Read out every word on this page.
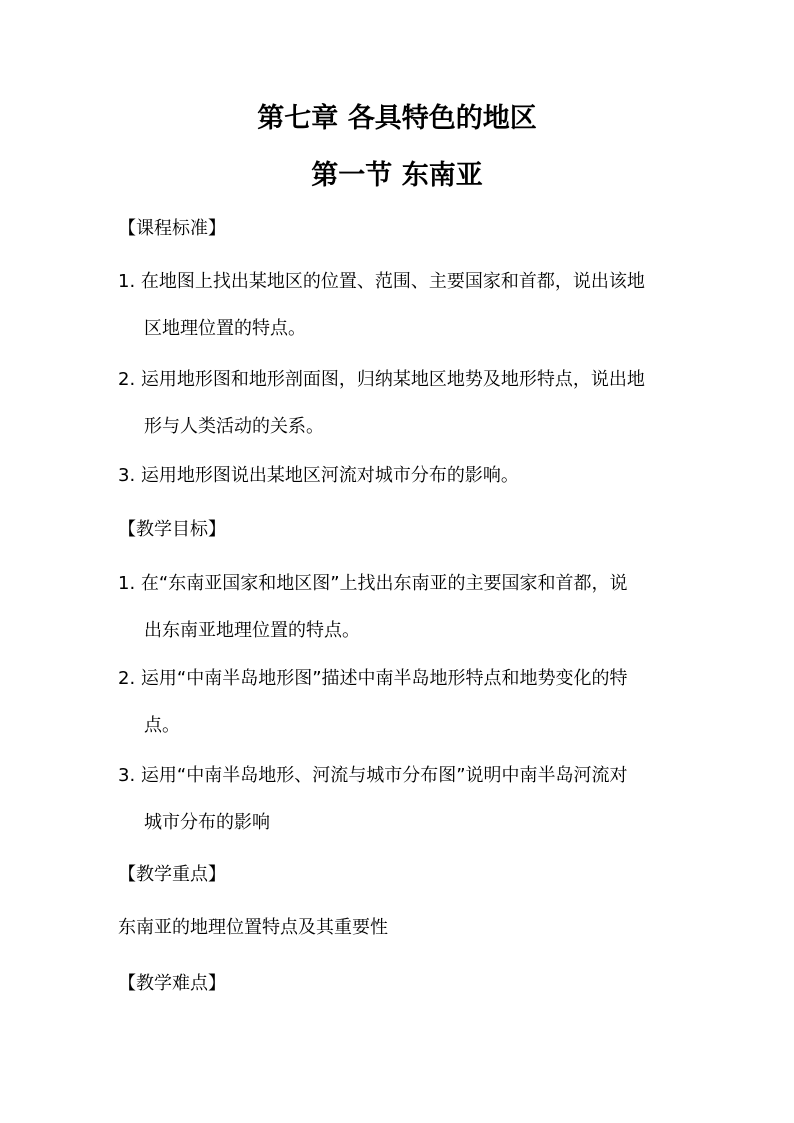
第七章 各具特色的地区
第一节 东南亚
【课程标准】
1. 在地图上找出某地区的位置、范围、主要国家和首都，说出该地
区地理位置的特点。
2. 运用地形图和地形剖面图，归纳某地区地势及地形特点，说出地
形与人类活动的关系。
3. 运用地形图说出某地区河流对城市分布的影响。
【教学目标】
1. 在“东南亚国家和地区图”上找出东南亚的主要国家和首都，说
出东南亚地理位置的特点。
2. 运用“中南半岛地形图”描述中南半岛地形特点和地势变化的特
点。
3. 运用“中南半岛地形、河流与城市分布图”说明中南半岛河流对
城市分布的影响
【教学重点】
东南亚的地理位置特点及其重要性
【教学难点】
